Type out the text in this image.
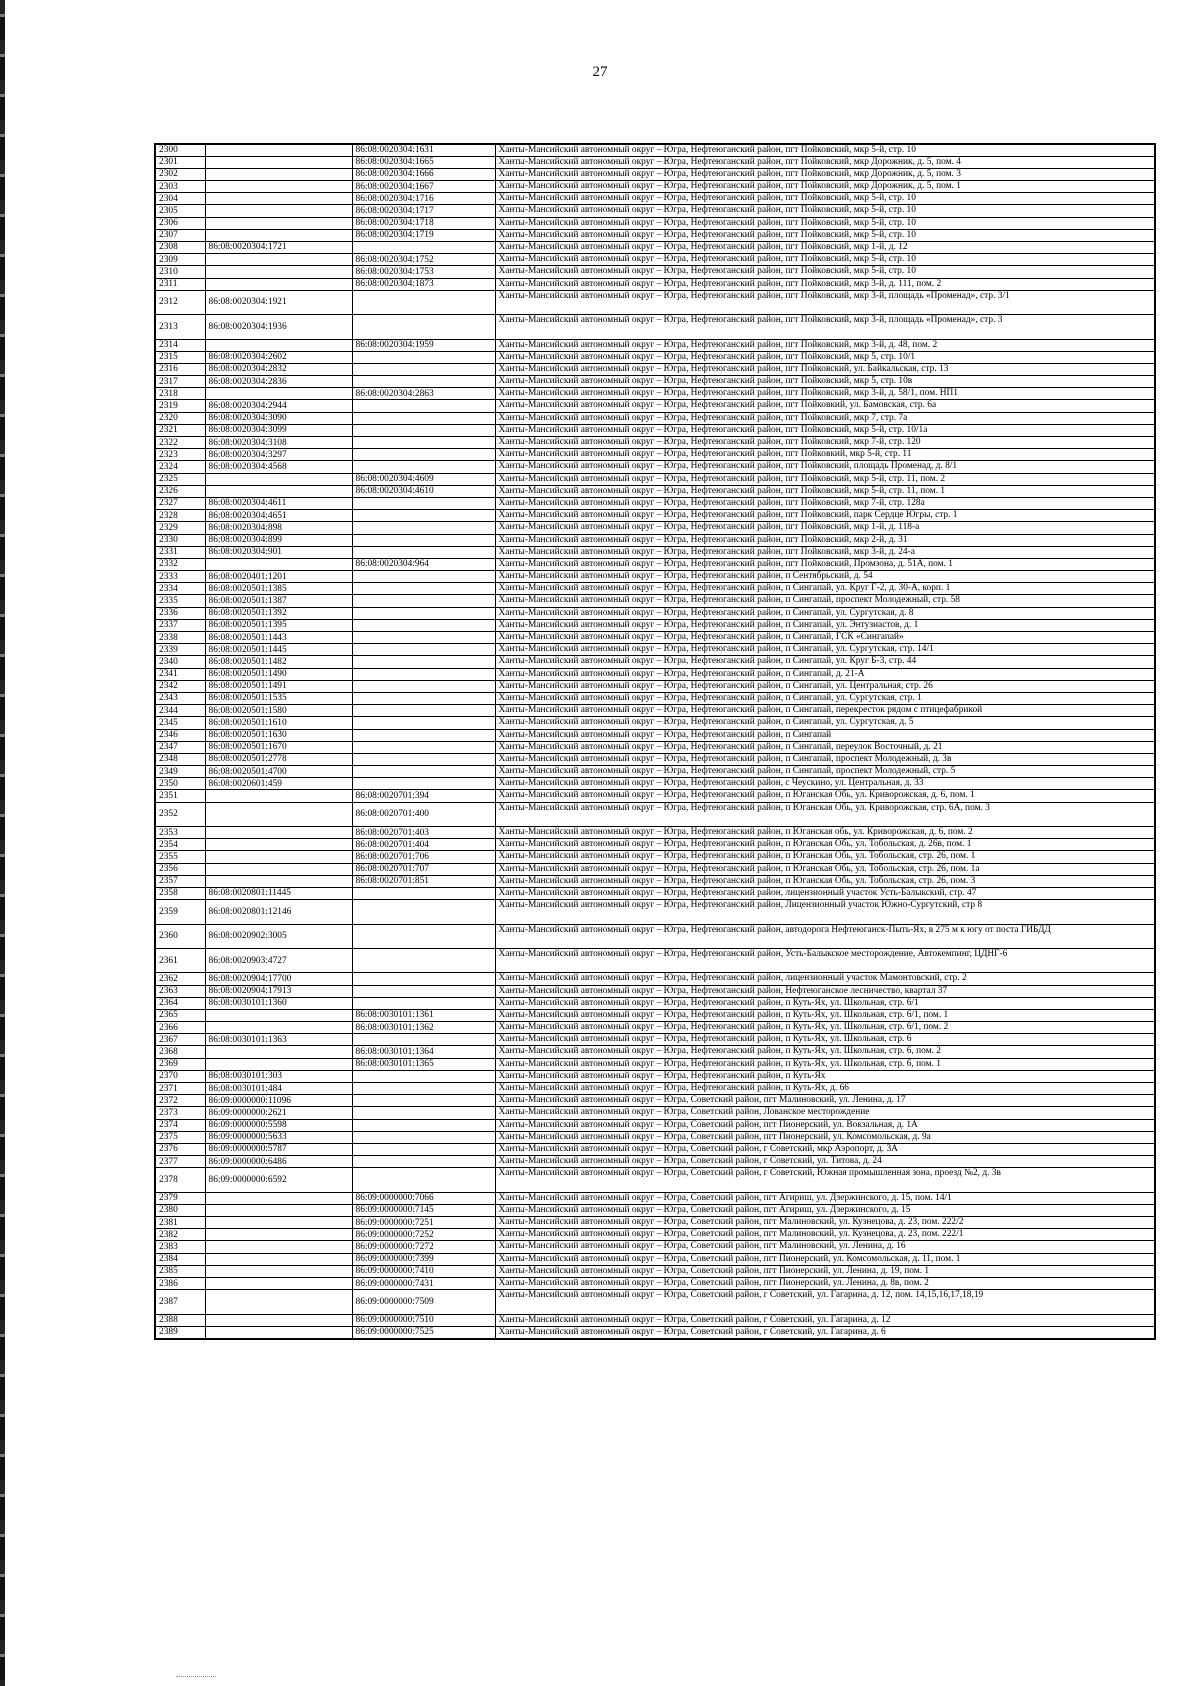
27
2300		86:08:0020304:1631	Ханты-Мансийский автономный округ – Югра, Нефтеюганский район, пгт Пойковский, мкр 5-й, стр. 10
2301		86:08:0020304:1665	Ханты-Мансийский автономный округ – Югра, Нефтеюганский район, пгт Пойковский, мкр Дорожник, д. 5, пом. 4
2302		86:08:0020304:1666	Ханты-Мансийский автономный округ – Югра, Нефтеюганский район, пгт Пойковский, мкр Дорожник, д. 5, пом. 3
2303		86:08:0020304:1667	Ханты-Мансийский автономный округ – Югра, Нефтеюганский район, пгт Пойковский, мкр Дорожник, д. 5, пом. 1
2304		86:08:0020304:1716	Ханты-Мансийский автономный округ – Югра, Нефтеюганский район, пгт Пойковский, мкр 5-й, стр. 10
2305		86:08:0020304:1717	Ханты-Мансийский автономный округ – Югра, Нефтеюганский район, пгт Пойковский, мкр 5-й, стр. 10
2306		86:08:0020304:1718	Ханты-Мансийский автономный округ – Югра, Нефтеюганский район, пгт Пойковский, мкр 5-й, стр. 10
2307		86:08:0020304:1719	Ханты-Мансийский автономный округ – Югра, Нефтеюганский район, пгт Пойковский, мкр 5-й, стр. 10
2308	86:08:0020304:1721		Ханты-Мансийский автономный округ – Югра, Нефтеюганский район, пгт Пойковский, мкр 1-й, д. 12
2309		86:08:0020304:1752	Ханты-Мансийский автономный округ – Югра, Нефтеюганский район, пгт Пойковский, мкр 5-й, стр. 10
2310		86:08:0020304:1753	Ханты-Мансийский автономный округ – Югра, Нефтеюганский район, пгт Пойковский, мкр 5-й, стр. 10
2311		86:08:0020304:1873	Ханты-Мансийский автономный округ – Югра, Нефтеюганский район, пгт Пойковский, мкр 3-й, д. 111, пом. 2
2312	86:08:0020304:1921		Ханты-Мансийский автономный округ – Югра, Нефтеюганский район, пгт Пойковский, мкр 3-й, площадь «Променад», стр. 3/1
2313	86:08:0020304:1936		Ханты-Мансийский автономный округ – Югра, Нефтеюганский район, пгт Пойковский, мкр 3-й, площадь «Променад», стр. 3
2314		86:08:0020304:1959	Ханты-Мансийский автономный округ – Югра, Нефтеюганский район, пгт Пойковский, мкр 3-й, д. 48, пом. 2
2315	86:08:0020304:2602		Ханты-Мансийский автономный округ – Югра, Нефтеюганский район, пгт Пойковский, мкр 5, стр. 10/1
2316	86:08:0020304:2832		Ханты-Мансийский автономный округ – Югра, Нефтеюганский район, пгт Пойковский, ул. Байкальская, стр. 13
2317	86:08:0020304:2836		Ханты-Мансийский автономный округ – Югра, Нефтеюганский район, пгт Пойковский, мкр 5, стр. 10в
2318		86:08:0020304:2863	Ханты-Мансийский автономный округ – Югра, Нефтеюганский район, пгт Пойковский, мкр 3-й, д. 58/1, пом. НП1
2319	86:08:0020304:2944		Ханты-Мансийский автономный округ – Югра, Нефтеюганский район, пгт Пойковкий, ул. Бамовская, стр. 6а
2320	86:08:0020304:3090		Ханты-Мансийский автономный округ – Югра, Нефтеюганский район, пгт Пойковский, мкр 7, стр. 7а
2321	86:08:0020304:3099		Ханты-Мансийский автономный округ – Югра, Нефтеюганский район, пгт Пойковский, мкр 5-й, стр. 10/1а
2322	86:08:0020304:3108		Ханты-Мансийский автономный округ – Югра, Нефтеюганский район, пгт Пойковский, мкр 7-й, стр. 120
2323	86:08:0020304:3297		Ханты-Мансийский автономный округ – Югра, Нефтеюганский район, пгт Пойковкий, мкр 5-й, стр. 11
2324	86:08:0020304:4568		Ханты-Мансийский автономный округ – Югра, Нефтеюганский район, пгт Пойковский, площадь Променад, д. 8/1
2325		86:08:0020304:4609	Ханты-Мансийский автономный округ – Югра, Нефтеюганский район, пгт Пойковский, мкр 5-й, стр. 11, пом. 2
2326		86:08:0020304:4610	Ханты-Мансийский автономный округ – Югра, Нефтеюганский район, пгт Пойковский, мкр 5-й, стр. 11, пом. 1
2327	86:08:0020304:4611		Ханты-Мансийский автономный округ – Югра, Нефтеюганский район, пгт Пойковский, мкр 7-й, стр. 128а
2328	86:08:0020304:4651		Ханты-Мансийский автономный округ – Югра, Нефтеюганский район, пгт Пойковский, парк Сердце Югры, стр. 1
2329	86:08:0020304:898		Ханты-Мансийский автономный округ – Югра, Нефтеюганский район, пгт Пойковский, мкр 1-й, д. 118-а
2330	86:08:0020304:899		Ханты-Мансийский автономный округ – Югра, Нефтеюганский район, пгт Пойковский, мкр 2-й, д. 31
2331	86:08:0020304:901		Ханты-Мансийский автономный округ – Югра, Нефтеюганский район, пгт Пойковский, мкр 3-й, д. 24-а
2332		86:08:0020304:964	Ханты-Мансийский автономный округ – Югра, Нефтеюганский район, пгт Пойковский, Промзона, д. 51А, пом. 1
2333	86:08:0020401:1201		Ханты-Мансийский автономный округ – Югра, Нефтеюганский район, п Сентябрьский, д. 54
2334	86:08:0020501:1385		Ханты-Мансийский автономный округ – Югра, Нефтеюганский район, п Сингапай, ул. Круг Г-2, д. 30-А, корп. 1
2335	86:08:0020501:1387		Ханты-Мансийский автономный округ – Югра, Нефтеюганский район, п Сингапай, проспект Молодежный, стр. 58
2336	86:08:0020501:1392		Ханты-Мансийский автономный округ – Югра, Нефтеюганский район, п Сингапай, ул. Сургутская, д. 8
2337	86:08:0020501:1395		Ханты-Мансийский автономный округ – Югра, Нефтеюганский район, п Сингапай, ул. Энтузиастов, д. 1
2338	86:08:0020501:1443		Ханты-Мансийский автономный округ – Югра, Нефтеюганский район, п Сингапай, ГСК «Сингапай»
2339	86:08:0020501:1445		Ханты-Мансийский автономный округ – Югра, Нефтеюганский район, п Сингапай, ул. Сургутская, стр. 14/1
2340	86:08:0020501:1482		Ханты-Мансийский автономный округ – Югра, Нефтеюганский район, п Сингапай, ул. Круг Б-3, стр. 44
2341	86:08:0020501:1490		Ханты-Мансийский автономный округ – Югра, Нефтеюганский район, п Сингапай, д. 21-А
2342	86:08:0020501:1491		Ханты-Мансийский автономный округ – Югра, Нефтеюганский район, п Сингапай, ул. Центральная, стр. 26
2343	86:08:0020501:1535		Ханты-Мансийский автономный округ – Югра, Нефтеюганский район, п Сингапай, ул. Сургутская, стр. 1
2344	86:08:0020501:1580		Ханты-Мансийский автономный округ – Югра, Нефтеюганский район, п Сингапай, перекресток рядом с птицефабрикой
2345	86:08:0020501:1610		Ханты-Мансийский автономный округ – Югра, Нефтеюганский район, п Сингапай, ул. Сургутская, д. 5
2346	86:08:0020501:1630		Ханты-Мансийский автономный округ – Югра, Нефтеюганский район, п Сингапай
2347	86:08:0020501:1670		Ханты-Мансийский автономный округ – Югра, Нефтеюганский район, п Сингапай, переулок Восточный, д. 21
2348	86:08:0020501:2778		Ханты-Мансийский автономный округ – Югра, Нефтеюганский район, п Сингапай, проспект Молодежный, д. 3в
2349	86:08:0020501:4700		Ханты-Мансийский автономный округ – Югра, Нефтеюганский район, п Сингапай, проспект Молодежный, стр. 5
2350	86:08:0020601:459		Ханты-Мансийский автономный округ – Югра, Нефтеюганский район, с Чеускино, ул. Центральная, д. 33
2351		86:08:0020701:394	Ханты-Мансийский автономный округ – Югра, Нефтеюганский район, п Юганская Обь, ул. Криворожская, д. 6, пом. 1
2352		86:08:0020701:400	Ханты-Мансийский автономный округ – Югра, Нефтеюганский район, п Юганская Обь, ул. Криворожская, стр. 6А, пом. 3
2353		86:08:0020701:403	Ханты-Мансийский автономный округ – Югра, Нефтеюганский район, п Юганская обь, ул. Криворожская, д. 6, пом. 2
2354		86:08:0020701:404	Ханты-Мансийский автономный округ – Югра, Нефтеюганский район, п Юганская Обь, ул. Тобольская, д. 26в, пом. 1
2355		86:08:0020701:706	Ханты-Мансийский автономный округ – Югра, Нефтеюганский район, п Юганская Обь, ул. Тобольская, стр. 26, пом. 1
2356		86:08:0020701:707	Ханты-Мансийский автономный округ – Югра, Нефтеюганский район, п Юганская Обь, ул. Тобольская, стр. 26, пом. 1а
2357		86:08:0020701:851	Ханты-Мансийский автономный округ – Югра, Нефтеюганский район, п Юганская Обь, ул. Тобольская, стр. 26, пом. 3
2358	86:08:0020801:11445		Ханты-Мансийский автономный округ – Югра, Нефтеюганский район, лицензионный участок Усть-Балыкский, стр. 47
2359	86:08:0020801:12146		Ханты-Мансийский автономный округ – Югра, Нефтеюганский район, Лицензионный участок Южно-Сургутский, стр 8
2360	86:08:0020902:3005		Ханты-Мансийский автономный округ – Югра, Нефтеюганский район, автодорога Нефтеюганск-Пыть-Ях, в 275 м к югу от поста ГИБДД
2361	86:08:0020903:4727		Ханты-Мансийский автономный округ – Югра, Нефтеюганский район, Усть-Балыкское месторождение, Автокемпинг, ЦДНГ-6
2362	86:08:0020904:17700		Ханты-Мансийский автономный округ – Югра, Нефтеюганский район, лицензионный участок Мамонтовский, стр. 2
2363	86:08:0020904:17913		Ханты-Мансийский автономный округ – Югра, Нефтеюганский район, Нефтеюганское лесничество, квартал 37
2364	86:08:0030101:1360		Ханты-Мансийский автономный округ – Югра, Нефтеюганский район, п Куть-Ях, ул. Школьная, стр. 6/1
2365		86:08:0030101:1361	Ханты-Мансийский автономный округ – Югра, Нефтеюганский район, п Куть-Ях, ул. Школьная, стр. 6/1, пом. 1
2366		86:08:0030101:1362	Ханты-Мансийский автономный округ – Югра, Нефтеюганский район, п Куть-Ях, ул. Школьная, стр. 6/1, пом. 2
2367	86:08:0030101:1363		Ханты-Мансийский автономный округ – Югра, Нефтеюганский район, п Куть-Ях, ул. Школьная, стр. 6
2368		86:08:0030101:1364	Ханты-Мансийский автономный округ – Югра, Нефтеюганский район, п Куть-Ях, ул. Школьная, стр. 6, пом. 2
2369		86:08:0030101:1365	Ханты-Мансийский автономный округ – Югра, Нефтеюганский район, п Куть-Ях, ул. Школьная, стр. 6, пом. 1
2370	86:08:0030101:303		Ханты-Мансийский автономный округ – Югра, Нефтеюганский район, п Куть-Ях
2371	86:08:0030101:484		Ханты-Мансийский автономный округ – Югра, Нефтеюганский район, п Куть-Ях, д. 66
2372	86:09:0000000:11096		Ханты-Мансийский автономный округ – Югра, Советский район, пгт Малиновский, ул. Ленина, д. 17
2373	86:09:0000000:2621		Ханты-Мансийский автономный округ – Югра, Советский район, Лованское месторождение
2374	86:09:0000000:5598		Ханты-Мансийский автономный округ – Югра, Советский район, пгт Пионерский, ул. Вокзальная, д. 1А
2375	86:09:0000000:5633		Ханты-Мансийский автономный округ – Югра, Советский район, пгт Пионерский, ул. Комсомольская, д. 9а
2376	86:09:0000000:5787		Ханты-Мансийский автономный округ – Югра, Советский район, г Советский, мкр Аэропорт, д. 3А
2377	86:09:0000000:6486		Ханты-Мансийский автономный округ – Югра, Советский район, г Советский, ул. Титова, д. 24
2378	86:09:0000000:6592		Ханты-Мансийский автономный округ – Югра, Советский район, г Советский, Южная промышленная зона, проезд №2, д. 3в
2379		86:09:0000000:7066	Ханты-Мансийский автономный округ – Югра, Советский район, пгт Агириш, ул. Дзержинского, д. 15, пом. 14/1
2380		86:09:0000000:7145	Ханты-Мансийский автономный округ – Югра, Советский район, пгт Агириш, ул. Дзержинского, д. 15
2381		86:09:0000000:7251	Ханты-Мансийский автономный округ – Югра, Советский район, пгт Малиновский, ул. Кузнецова, д. 23, пом. 222/2
2382		86:09:0000000:7252	Ханты-Мансийский автономный округ – Югра, Советский район, пгт Малиновский, ул. Кузнецова, д. 23, пом. 222/1
2383		86:09:0000000:7272	Ханты-Мансийский автономный округ – Югра, Советский район, пгт Малиновский, ул. Ленина, д. 16
2384		86:09:0000000:7399	Ханты-Мансийский автономный округ – Югра, Советский район, пгт Пионерский, ул. Комсомольская, д. 11, пом. 1
2385		86:09:0000000:7410	Ханты-Мансийский автономный округ – Югра, Советский район, пгт Пионерский, ул. Ленина, д. 19, пом. 1
2386		86:09:0000000:7431	Ханты-Мансийский автономный округ – Югра, Советский район, пгт Пионерский, ул. Ленина, д. 8в, пом. 2
2387		86:09:0000000:7509	Ханты-Мансийский автономный округ – Югра, Советский район, г Советский, ул. Гагарина, д. 12, пом. 14,15,16,17,18,19
2388		86:09:0000000:7510	Ханты-Мансийский автономный округ – Югра, Советский район, г Советский, ул. Гагарина, д. 12
2389		86:09:0000000:7525	Ханты-Мансийский автономный округ – Югра, Советский район, г Советский, ул. Гагарина, д. 6
